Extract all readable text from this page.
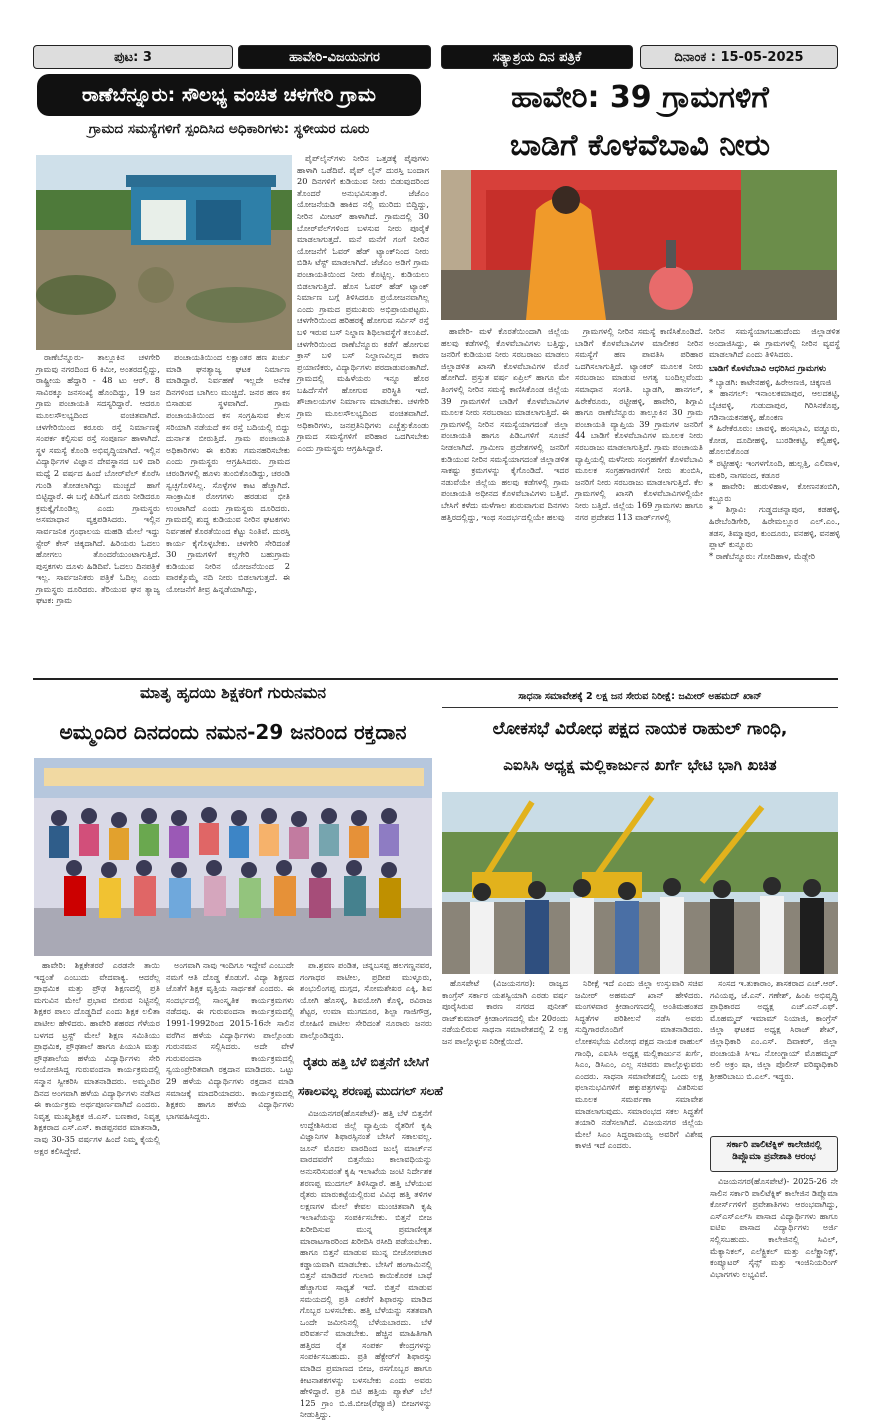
ಪುಟ: 3	ಹಾವೇರಿ-ವಿಜಯನಗರ	ಸತ್ಯಾಶ್ರಯ ದಿನ ಪತ್ರಿಕೆ	ದಿನಾಂಕ : 15-05-2025
ರಾಣೆಬೆನ್ನೂರು: ಸೌಲಭ್ಯ ವಂಚಿತ ಚಳಗೇರಿ ಗ್ರಾಮ
ಗ್ರಾಮದ ಸಮಸ್ಯೆಗಳಿಗೆ ಸ್ಪಂದಿಸಿದ ಅಧಿಕಾರಿಗಳು: ಸ್ಥಳೀಯರ ದೂರು

ರಾಣೆಬೆನ್ನೂರು- ತಾಲ್ಲೂಕಿನ ಚಳಗೇರಿ ಗ್ರಾಮವು ನಗರದಿಂದ 6 ಕಿಮೀ, ಅಂತರದಲ್ಲಿದ್ದು, ರಾಷ್ಟ್ರೀಯ ಹೆದ್ದಾರಿ - 48 ಟು ಆರ್. 8 ಸಾವಿರಕ್ಕೂ ಜನಸಂಖ್ಯೆ ಹೊಂದಿದ್ದು, 19 ಜನ ಗ್ರಾಮ ಪಂಚಾಯತಿ ಸದಸ್ಯರಿದ್ದಾರೆ. ಆದರೂ ಮೂಲಸೌಲಭ್ಯದಿಂದ ವಂಚಿತವಾಗಿದೆ. ಚಳಗೇರಿಯಿಂದ ಕರೂರು ರಸ್ತೆ ನಿರ್ಮಾಣಕ್ಕೆ ಸಂಪರ್ಕ ಕಲ್ಪಿಸುವ ರಸ್ತೆ ಸಂಪೂರ್ಣ ಹಾಳಾಗಿದೆ. ಸ್ಥಳ ಸಮಸ್ಯೆ ಕೊಂಡಿ ಅಭಿವೃದ್ಧಿಯಾಗಿದೆ. ಇಲ್ಲಿನ ವಿದ್ಯಾರ್ಥಿಗಳ ವಿಜ್ಞಾನ ದೇವಸ್ಥಾನದ ಬಳಿ ದಾರಿ ಮಧ್ಯೆ 2 ವರ್ಷದ ಹಿಂದೆ ಬೋರ್‌ವೆಲ್ ಕೊರೆಸಿ ಗುಂಡಿ ತೋಡಲಾಗಿದ್ದು ಮುಚ್ಚದೆ ಹಾಗೆ ಬಿಟ್ಟಿದ್ದಾರೆ. ಈ ಬಗ್ಗೆ ಪಿಡಿಓಗೆ ದೂರು ನೀಡಿದರೂ ಕ್ರಮಕ್ಕೈಗೊಂಡಿಲ್ಲ ಎಂದು ಗ್ರಾಮಸ್ಥರು ಅಸಮಾಧಾನ ವ್ಯಕ್ತಪಡಿಸಿದರು. ಇಲ್ಲಿನ ಸಾರ್ವಜನಿಕ ಗ್ರಂಥಾಲಯ ಮಹಡಿ ಮೇಲೆ ಇದ್ದು ಸ್ಟೇರ್ ಕೇಸ್ ಚಿಕ್ಕದಾಗಿದೆ. ಹಿರಿಯರು ಓದಲು ಹೋಗಲು ತೊಂದರೆಯುಂಟಾಗುತ್ತಿದೆ. ಪುಸ್ತಕಗಳು ದೂಳು ಹಿಡಿದಿವೆ. ಓದಲು ದಿನಪತ್ರಿಕೆ ಇಲ್ಲ. ಸಾರ್ವಜನಿಕರು ಪತ್ರಿಕೆ ಓದಿಲ್ಲ ಎಂದು ಗ್ರಾಮಸ್ಥರು ದೂರಿದರು. ತೆರಿಯುವ ಘನ ತ್ಯಾಜ್ಯ ಘಟಕ: ಗ್ರಾಮ

ಪಂಚಾಯತಿಯಿಂದ ಲಕ್ಷಾಂತರ ಹಣ ಖರ್ಚು ಮಾಡಿ ಘನತ್ಯಾಜ್ಯ ಘಟಕ ನಿರ್ಮಾಣ ಮಾಡಿದ್ದಾರೆ. ನಿರ್ವಹಣೆ ಇಲ್ಲದೇ ಅನೇಕ ದಿನಗಳಿಂದ ಬಾಗಿಲು ಮುಚ್ಚಿದೆ. ಜನರ ಹಣ ಕಸ ಬಿಸಾಡುವ ಸ್ಥಳವಾಗಿದೆ. ಗ್ರಾಮ ಪಂಚಾಯತಿಯಿಂದ ಕಸ ಸಂಗ್ರಹಿಸುವ ಕೆಲಸ ಸರಿಯಾಗಿ ನಡೆಯದೆ ಕಸ ರಸ್ತೆ ಬದಿಯಲ್ಲಿ ಬಿದ್ದು ದುರ್ನಾತ ಬೀರುತ್ತಿದೆ. ಗ್ರಾಮ ಪಂಚಾಯತಿ ಅಧಿಕಾರಿಗಳು ಈ ಕುರಿತು ಗಮನಹರಿಸಬೇಕು ಎಂದು ಗ್ರಾಮಸ್ಥರು ಆಗ್ರಹಿಸಿದರು. ಗ್ರಾಮದ ಚರಂಡಿಗಳಲ್ಲಿ ಹೂಳು ತುಂಬಿಕೊಂಡಿದ್ದು, ಚರಂಡಿ ಸ್ವಚ್ಛಗೊಳಿಸಿಲ್ಲ. ಸೊಳ್ಳೆಗಳ ಕಾಟ ಹೆಚ್ಚಾಗಿದೆ. ಸಾಂಕ್ರಾಮಿಕ ರೋಗಗಳು ಹರಡುವ ಭೀತಿ ಉಂಟಾಗಿದೆ ಎಂದು ಗ್ರಾಮಸ್ಥರು ದೂರಿದರು. ಗ್ರಾಮದಲ್ಲಿ ಶುದ್ಧ ಕುಡಿಯುವ ನೀರಿನ ಘಟಕಗಳು ನಿರ್ವಹಣೆ ಕೊರತೆಯಿಂದ ಕೆಟ್ಟು ನಿಂತಿವೆ. ದುರಸ್ತಿ ಕಾರ್ಯ ಕೈಗೊಳ್ಳಬೇಕು. ಚಳಗೇರಿ ಸೇರಿದಂತೆ 30 ಗ್ರಾಮಗಳಿಗೆ ಕಲ್ಲಗೇರಿ ಬಹುಗ್ರಾಮ ಕುಡಿಯುವ ನೀರಿನ ಯೋಜನೆಯಿಂದ 2 ವಾರಕ್ಕೊಮ್ಮೆ ನದಿ ನೀರು ಬಿಡಲಾಗುತ್ತದೆ. ಈ ಯೋಜನೆಗೆ ತೀವ್ರ ಹಿನ್ನಡೆಯಾಗಿದ್ದು,

ಪೈಪ್‌ಲೈನ್‌ಗಳು ನೀರಿನ ಒತ್ತಡಕ್ಕೆ ಪೈಪುಗಳು ಹಾಳಾಗಿ ಒಡೆದಿವೆ. ಪೈಪ್ ಲೈನ್ ದುರಸ್ತಿ ಬಂದಾಗ 20 ದಿನಗಳಿಗೆ ಕುಡಿಯುವ ನೀರು ಬಿಡುವುದರಿಂದ ತೊಂದರೆ ಅನುಭವಿಸುತ್ತಾರೆ. ಜೆಜೆಎಂ ಯೋಜನೆಯಡಿ ಹಾಕಿದ ನಲ್ಲಿ ಮುರಿದು ಬಿದ್ದಿದ್ದು, ನೀರಿನ ಮೀಟರ್ ಹಾಳಾಗಿದೆ. ಗ್ರಾಮದಲ್ಲಿ 30 ಬೋರ್‌ವೆಲ್‌ಗಳಿಂದ ಬಳಸುವ ನೀರು ಪೂರೈಕೆ ಮಾಡಲಾಗುತ್ತದೆ. ಮನೆ ಮನೆಗೆ ಗಂಗೆ ನೀರಿನ ಯೋಜನೆಗೆ ಓವರ್ ಹೆಡ್ ಟ್ಯಾಂಕ್‌ನಿಂದ ನೀರು ಬಿಡಿಸಿ ಟೆಸ್ಟ್ ಮಾಡಲಾಗಿದೆ. ಜೆಜೆಎಂ ಅಡಿಗೆ ಗ್ರಾಮ ಪಂಚಾಯತಿಯಿಂದ ನೀರು ಕೊಟ್ಟಿಲ್ಲ. ಕುಡಿಯಲು ಬಿಡಲಾಗುತ್ತಿದೆ. ಹೊಸ ಓವರ್ ಹೆಡ್ ಟ್ಯಾಂಕ್ ನಿರ್ಮಾಣ ಬಗ್ಗೆ ತಿಳಿಸಿದರೂ ಪ್ರಯೋಜನವಾಗಿಲ್ಲ ಎಂದು ಗ್ರಾಮದ ಪ್ರಮುಖರು ಅಭಿಪ್ರಾಯಪಟ್ಟರು. ಚಳಗೇರಿಯಿಂದ ಹರಿಹರಕ್ಕೆ ಹೋಗುವ ಸರ್ವಿಸ್ ರಸ್ತೆ ಬಳಿ ಇರುವ ಬಸ್ ನಿಲ್ದಾಣ ಶಿಥಿಲಾವಸ್ಥೆಗೆ ತಲುಪಿದೆ. ಚಳಗೇರಿಯಿಂದ ರಾಣೆಬೆನ್ನೂರು ಕಡೆಗೆ ಹೋಗುವ ಕ್ರಾಸ್ ಬಳಿ ಬಸ್ ನಿಲ್ದಾಣವಿಲ್ಲದ ಕಾರಣ ಪ್ರಯಾಣಿಕರು, ವಿದ್ಯಾರ್ಥಿಗಳು ಪರದಾಡುವಂತಾಗಿದೆ. ಗ್ರಾಮದಲ್ಲಿ ಮಹಿಳೆಯರು ಇನ್ನೂ ಹೊರ ಬಹಿರ್ದೆಸೆಗೆ ಹೋಗುವ ಪರಿಸ್ಥಿತಿ ಇದೆ. ಶೌಚಾಲಯಗಳ ನಿರ್ಮಾಣ ಮಾಡಬೇಕು. ಚಳಗೇರಿ ಗ್ರಾಮ ಮೂಲಸೌಲಭ್ಯದಿಂದ ವಂಚಿತವಾಗಿದೆ. ಅಧಿಕಾರಿಗಳು, ಜನಪ್ರತಿನಿಧಿಗಳು ಎಚ್ಚೆತ್ತುಕೊಂಡು ಗ್ರಾಮದ ಸಮಸ್ಯೆಗಳಿಗೆ ಪರಿಹಾರ ಒದಗಿಸಬೇಕು ಎಂದು ಗ್ರಾಮಸ್ಥರು ಆಗ್ರಹಿಸಿದ್ದಾರೆ.

ಹಾವೇರಿ: 39 ಗ್ರಾಮಗಳಿಗೆ
ಬಾಡಿಗೆ ಕೊಳವೆಬಾವಿ ನೀರು

ಹಾವೇರಿ- ಮಳೆ ಕೊರತೆಯಿಂದಾಗಿ ಜಿಲ್ಲೆಯ ಹಲವು ಕಡೆಗಳಲ್ಲಿ ಕೊಳವೆಬಾವಿಗಳು ಬತ್ತಿದ್ದು, ಜನರಿಗೆ ಕುಡಿಯುವ ನೀರು ಸರಬರಾಜು ಮಾಡಲು ಜಿಲ್ಲಾಡಳಿತ ಖಾಸಗಿ ಕೊಳವೆಬಾವಿಗಳ ಮೊರೆ ಹೋಗಿದೆ. ಪ್ರಸ್ತುತ ವರ್ಷ ಏಪ್ರಿಲ್ ಹಾಗೂ ಮೇ ತಿಂಗಳಲ್ಲಿ ನೀರಿನ ಸಮಸ್ಯೆ ಕಾಣಿಸಿಕೊಂಡ ಜಿಲ್ಲೆಯ 39 ಗ್ರಾಮಗಳಿಗೆ ಬಾಡಿಗೆ ಕೊಳವೆಬಾವಿಗಳ ಮೂಲಕ ನೀರು ಸರಬರಾಜು ಮಾಡಲಾಗುತ್ತಿದೆ. ಈ ಗ್ರಾಮಗಳಲ್ಲಿ ನೀರಿನ ಸಮಸ್ಯೆಯಾಗದಂತೆ ಜಿಲ್ಲಾ ಪಂಚಾಯತಿ ಹಾಗೂ ಪಿಡಿಒಗಳಿಗೆ ಸೂಚನೆ ನೀಡಲಾಗಿದೆ. ಗ್ರಾಮೀಣ ಪ್ರದೇಶಗಳಲ್ಲಿ ಜನರಿಗೆ ಕುಡಿಯುವ ನೀರಿನ ಸಮಸ್ಯೆಯಾಗದಂತೆ ಜಿಲ್ಲಾಡಳಿತ ಸಾಕಷ್ಟು ಕ್ರಮಗಳನ್ನು ಕೈಗೊಂಡಿದೆ. ಇದರ ನಡುವೆಯೇ ಜಿಲ್ಲೆಯ ಹಲವು ಕಡೆಗಳಲ್ಲಿ ಗ್ರಾಮ ಪಂಚಾಯತಿ ಅಧೀನದ ಕೊಳವೆಬಾವಿಗಳು ಬತ್ತಿವೆ. ಬೇಸಿಗೆ ಕಳೆದು ಮಳೆಗಾಲ ಶುರುವಾಗುವ ದಿನಗಳು ಹತ್ತಿರದಲ್ಲಿದ್ದು, ಇಂಥ ಸಂದರ್ಭದಲ್ಲಿಯೇ ಹಲವು

ಗ್ರಾಮಗಳಲ್ಲಿ ನೀರಿನ ಸಮಸ್ಯೆ ಕಾಣಿಸಿಕೊಂಡಿದೆ. ಬಾಡಿಗೆ ಕೊಳವೆಬಾವಿಗಳ ಮಾಲೀಕರ ನೀರಿನ ಸಮಸ್ಯೆಗೆ ಹಣ ಪಾವತಿಸಿ ಪರಿಹಾರ ಒದಗಿಸಲಾಗುತ್ತಿದೆ. ಟ್ಯಾಂಕರ್ ಮೂಲಕ ನೀರು ಸರಬರಾಜು ಮಾಡುವ ಅಗತ್ಯ ಬಂದಿಲ್ಲವೆಂದು ಸಮಾಧಾನ ಸಂಗತಿ. ಬ್ಯಾಡಗಿ, ಹಾನಗಲ್, ಹಿರೇಕೆರೂರು, ರಟ್ಟೀಹಳ್ಳಿ, ಹಾವೇರಿ, ಶಿಗ್ಗಾವಿ ಹಾಗೂ ರಾಣೆಬೆನ್ನೂರು ತಾಲ್ಲೂಕಿನ 30 ಗ್ರಾಮ ಪಂಚಾಯತಿ ವ್ಯಾಪ್ತಿಯ 39 ಗ್ರಾಮಗಳ ಜನರಿಗೆ 44 ಬಾಡಿಗೆ ಕೊಳವೆಬಾವಿಗಳ ಮೂಲಕ ನೀರು ಸರಬರಾಜು ಮಾಡಲಾಗುತ್ತಿದೆ. ಗ್ರಾಮ ಪಂಚಾಯತಿ ವ್ಯಾಪ್ತಿಯಲ್ಲಿ ಮಳೆನೀರು ಸಂಗ್ರಹಣೆಗೆ ಕೊಳವೆಬಾವಿ ಮೂಲಕ ಸಂಗ್ರಹಗಾರಗಳಿಗೆ ನೀರು ತುಂಬಿಸಿ, ಜನರಿಗೆ ನೀರು ಸರಬರಾಜು ಮಾಡಲಾಗುತ್ತಿದೆ. ಕೆಲ ಗ್ರಾಮಗಳಲ್ಲಿ ಖಾಸಗಿ ಕೊಳವೆಬಾವಿಗಳಲ್ಲಿಯೇ ನೀರು ಬತ್ತಿದೆ. ಜಿಲ್ಲೆಯ 169 ಗ್ರಾಮಗಳು ಹಾಗೂ ನಗರ ಪ್ರದೇಶದ 113 ವಾರ್ಡ್‌ಗಳಲ್ಲಿ

ನೀರಿನ ಸಮಸ್ಯೆಯಾಗಬಹುದೆಂದು ಜಿಲ್ಲಾಡಳಿತ ಅಂದಾಜಿಸಿದ್ದು, ಈ ಗ್ರಾಮಗಳಲ್ಲಿ ನೀರಿನ ವ್ಯವಸ್ಥೆ ಮಾಡಲಾಗಿದೆ ಎಂದು ತಿಳಿಸಿದರು.
ಬಾಡಿಗೆ ಕೊಳವೆಬಾವಿ ಆಧರಿಸಿದ ಗ್ರಾಮಗಳು
* ಬ್ಯಾಡಗಿ: ಕಾಟೇನಹಳ್ಳಿ, ಹಿರೇಅಣಜಿ, ಚಿಕ್ಕಣಜಿ
* ಹಾನಗಲ್: ಇನಾಂಲಕಮಾಪುರ, ಆಲದಕಟ್ಟಿ, ಬೈಚವಳ್ಳಿ, ಗುಡುದಾಪುರ, ಗಿರಿಸಿನಕೊಪ್ಪ, ಗಡಿನಾಯಕನಹಳ್ಳಿ, ಹೊಂಕಣ
* ಹಿರೇಕೆರೂರು: ಚಾವಳ್ಳಿ, ಹಂಸಭಾವಿ, ವಡ್ಡೂರು, ಕೋಡ, ದೂದೀಹಳ್ಳಿ, ಬುರಡೀಕಟ್ಟಿ, ಕಲ್ವಿಹಳ್ಳಿ, ಹೊಲಬಿಕೊಂಡ
* ರಟ್ಟೀಹಳ್ಳಿ: ಇಂಗಳಗೊಂದಿ, ಹುಲ್ಲತ್ತಿ, ಎಲಿವಾಳ, ಮಕರಿ, ನಾಗವಂದ, ಕಡೂರ
* ಹಾವೇರಿ: ಹುರುಳಿಹಾಳ, ಕೋಣನತಂಬಿಗಿ, ಕಬ್ಬೂರು
* ಶಿಗ್ಗಾವಿ: ಗುಡ್ಡದಚನ್ನಾಪುರ, ಕಡಹಳ್ಳಿ, ಹಿರೇಬೆಂಡಿಗೇರಿ, ಹಿರೇಮಲ್ಲೂರ ಎಲ್.ಎಂ., ತಡಸ, ತಿಮ್ಮಾಪುರ, ಕುಂದೂರು, ವನಹಳ್ಳಿ, ವನಹಳ್ಳಿ ಪ್ಲಾಟ್ ಕುನ್ನೂರು
* ರಾಣೆಬೆನ್ನೂರು: ಗೋದಿಹಾಳ, ಮೆಡ್ಲೇರಿ
ಮಾತೃ ಹೃದಯಿ ಶಿಕ್ಷಕರಿಗೆ ಗುರುನಮನ
ಅಮ್ಮಂದಿರ ದಿನದಂದು ನಮನ-29 ಜನರಿಂದ ರಕ್ತದಾನ

ಹಾವೇರಿ: ಶಿಕ್ಷಕೇತರರೆ ಎರಡನೇ ತಾಯಿ ಇದ್ದಂತೆ ಎಂಬುದು ವೇದವಾಕ್ಯ. ಆದರೆಲ್ಲ ಪ್ರಾಥಮಿಕ ಮತ್ತು ಪ್ರೌಢ ಶಿಕ್ಷಣದಲ್ಲಿ ಪ್ರತಿ ಮಗುವಿನ ಮೇಲೆ ಪ್ರಭಾವ ಬೀರುವ ನಿಟ್ಟಿನಲ್ಲಿ ಶಿಕ್ಷಕರ ಪಾಲು ದೊಡ್ಡದಿದೆ ಎಂದು ಶಿಕ್ಷಕ ಲಲಿತಾ ಪಾಟೀಲ ಹೇಳಿದರು. ಹಾವೇರಿ ಶಹರದ ಗೆಳೆಯರ ಬಳಗದ ಟ್ರಸ್ಟ್ ಮೇಲೆ ಶಿಕ್ಷಣ ಸಮಿತಿಯು ಪ್ರಾಥಮಿಕ, ಪ್ರೌಢಶಾಲೆ ಹಾಗೂ ಪಿಯುಸಿ ಮತ್ತು ಪ್ರೌಢಶಾಲೆಯ ಹಳೆಯ ವಿದ್ಯಾರ್ಥಿಗಳು ಸೇರಿ ಆಯೋಜಿಸಿದ್ದ ಗುರುವಂದನಾ ಕಾರ್ಯಕ್ರಮದಲ್ಲಿ ಸನ್ಮಾನ ಸ್ವೀಕರಿಸಿ ಮಾತನಾಡಿದರು. ಅಮ್ಮಂದಿರ ದಿನದ ಅಂಗವಾಗಿ ಹಳೆಯ ವಿದ್ಯಾರ್ಥಿಗಳು ನಡೆಸಿದ ಈ ಕಾರ್ಯಕ್ರಮ ಅರ್ಥಪೂರ್ಣವಾಗಿದೆ ಎಂದರು. ನಿವೃತ್ತ ಮುಖ್ಯಶಿಕ್ಷಕ ಜಿ.ಎಸ್. ಬಣಕಾರ, ನಿವೃತ್ತ ಶಿಕ್ಷಕರಾದ ಎಸ್.ಎಸ್. ಕಾಡಪ್ಪನವರ ಮಾತನಾಡಿ, ನಾವು 30-35 ವರ್ಷಗಳ ಹಿಂದೆ ನಿಮ್ಮ ಕೈಯಲ್ಲಿ ಅಕ್ಷರ ಕಲಿಸಿದ್ದೇವೆ.

ಅಂಗವಾಗಿ ನಾವು ಇಂದಿಗೂ ಇದ್ದೇವೆ ಎಂಬುದೇ ನಮಗೆ ಆತಿ ದೊಡ್ಡ ಕೊಡುಗೆ. ವಿದ್ಯಾ ಶಿಕ್ಷಣದ ಜೊತೆಗೆ ಶಿಕ್ಷಕ ವೃತ್ತಿಯ ಸಾರ್ಥಕತೆ ಎಂದರು. ಈ ಸಂದರ್ಭದಲ್ಲಿ ಸಾಂಸ್ಕೃತಿಕ ಕಾರ್ಯಕ್ರಮಗಳು ನಡೆದವು. ಈ ಗುರುವಂದನಾ ಕಾರ್ಯಕ್ರಮದಲ್ಲಿ 1991-1992ರಿಂದ 2015-16ನೇ ಸಾಲಿನ ವರೆಗಿನ ಹಳೆಯ ವಿದ್ಯಾರ್ಥಿಗಳು ಪಾಲ್ಗೊಂಡು ಗುರುನಮನ ಸಲ್ಲಿಸಿದರು. ಅದೇ ವೇಳೆ ಗುರುವಂದನಾ ಕಾರ್ಯಕ್ರಮದಲ್ಲಿ ಸ್ವಯಂಪ್ರೇರಿತವಾಗಿ ರಕ್ತದಾನ ಮಾಡಿದರು. ಒಟ್ಟು 29 ಹಳೆಯ ವಿದ್ಯಾರ್ಥಿಗಳು ರಕ್ತದಾನ ಮಾಡಿ ಸಮಾಜಕ್ಕೆ ಮಾದರಿಯಾದರು. ಕಾರ್ಯಕ್ರಮದಲ್ಲಿ ಶಿಕ್ಷಕರು ಹಾಗೂ ಹಳೆಯ ವಿದ್ಯಾರ್ಥಿಗಳು ಭಾಗವಹಿಸಿದ್ದರು.

ಪಾ.ಶ್ರವಣ ಪಂಡಿತ, ಚನ್ನಬಸಪ್ಪ ಹಲಗಣ್ಣನವರ, ಗಂಗಾಧರ ಪಾಟೀಲ, ಪ್ರದೀಪ ಮುಳ್ಳೂರು, ಶಂಭುಲಿಂಗಪ್ಪ ದುಗ್ಗದ, ಸೋಮಶೇಖರ ಎಕ್ಕಿ, ಶಿವ ಯೋಗಿ ಹೊಸಳ್ಳಿ, ಶಿವಯೋಗಿ ಕೊಳ್ಳಿ, ರವಿರಾಜ ಶೆಟ್ಟರ, ಉಮಾ ಮುಗದೂರ, ಶಿಲ್ಪಾ ಗಾಜಿಗೌಡ್ರ, ರೋಹಿಣಿ ಪಾಟೀಲ ಸೇರಿದಂತೆ ನೂರಾರು ಜನರು ಪಾಲ್ಗೊಂಡಿದ್ದರು.

ರೈತರು ಹತ್ತಿ ಬೆಳೆ ಬಿತ್ತನೆಗೆ ಬೇಸಿಗೆ
ಸಕಾಲವಲ್ಲ ಶರಣಪ್ಪ ಮುದಗಲ್ ಸಲಹೆ

ವಿಜಯನಗರ(ಹೊಸಪೇಟೆ)- ಹತ್ತಿ ಬೆಳೆ ಬಿತ್ತನೆಗೆ ಉದ್ದೇಶಿಸಿರುವ ಜಿಲ್ಲೆ ವ್ಯಾಪ್ತಿಯ ರೈತರಿಗೆ ಕೃಷಿ ವಿಜ್ಞಾನಿಗಳ ಶಿಫಾರಸ್ಸಿನಂತೆ ಬೇಸಿಗೆ ಸಕಾಲವಲ್ಲ. ಜೂನ್ ಮೊದಲ ವಾರದಿಂದ ಜುಲೈ ಮಾರ್ಚ್‌ನ ವಾರದವರೆಗೆ ಬಿತ್ತನೆಯು ಕಾಲಾವಧಿಯನ್ನು ಅನುಸರಿಸುವಂತೆ ಕೃಷಿ ಇಲಾಖೆಯ ಜಂಟಿ ನಿರ್ದೇಶಕ ಶರಣಪ್ಪ ಮುದಗಲ್ ತಿಳಿಸಿದ್ದಾರೆ. ಹತ್ತಿ ಬೆಳೆಯುವ ರೈತರು ಮಾರುಕಟ್ಟೆಯಲ್ಲಿರುವ ವಿವಿಧ ಹತ್ತಿ ತಳಿಗಳ ಲಕ್ಷಣಗಳ ಮೇಲೆ ಕೇವಲ ಮುಂಚಿತವಾಗಿ ಕೃಷಿ ಇಲಾಖೆಯನ್ನು ಸಂಪರ್ಕಿಸಬೇಕು. ಬಿತ್ತನೆ ಬೀಜ ಖರೀದಿಸುವ ಮುನ್ನ ಪ್ರಮಾಣೀಕೃತ ಮಾರಾಟಗಾರರಿಂದ ಖರೀದಿಸಿ ರಸೀದಿ ಪಡೆಯಬೇಕು. ಹಾಗೂ ಬಿತ್ತನೆ ಮಾಡುವ ಮುನ್ನ ಬೀಜೋಪಚಾರ ಕಡ್ಡಾಯವಾಗಿ ಮಾಡಬೇಕು. ಬೇಸಿಗೆ ಹಂಗಾಮಿನಲ್ಲಿ ಬಿತ್ತನೆ ಮಾಡಿದರೆ ಗುಲಾಬಿ ಕಾಯಿಕೊರಕ ಬಾಧೆ ಹೆಚ್ಚಾಗುವ ಸಾಧ್ಯತೆ ಇದೆ. ಬಿತ್ತನೆ ಮಾಡುವ ಸಮಯದಲ್ಲಿ ಪ್ರತಿ ಎಕರೆಗೆ ಶಿಫಾರಸ್ಸು ಮಾಡಿದ ಗೊಬ್ಬರ ಬಳಸಬೇಕು. ಹತ್ತಿ ಬೆಳೆಯನ್ನು ಸತತವಾಗಿ ಒಂದೇ ಜಮೀನಿನಲ್ಲಿ ಬೆಳೆಯಬಾರದು. ಬೆಳೆ ಪರಿವರ್ತನೆ ಮಾಡಬೇಕು. ಹೆಚ್ಚಿನ ಮಾಹಿತಿಗಾಗಿ ಹತ್ತಿರದ ರೈತ ಸಂಪರ್ಕ ಕೇಂದ್ರಗಳನ್ನು ಸಂಪರ್ಕಿಸಬಹುದು. ಪ್ರತಿ ಹೆಕ್ಟೇರ್‌ಗೆ ಶಿಫಾರಸ್ಸು ಮಾಡಿದ ಪ್ರಮಾಣದ ಬೀಜ, ರಸಗೊಬ್ಬರ ಹಾಗೂ ಕೀಟನಾಶಕಗಳನ್ನು ಬಳಸಬೇಕು ಎಂದು ಅವರು ಹೇಳಿದ್ದಾರೆ. ಪ್ರತಿ ಬಿಟಿ ಹತ್ತಿಯ ಪ್ಯಾಕೆಟ್ ಬೆಲೆ 125 ಗ್ರಾಂ ಬಿ.ಜಿ.ಬೀಜ(ರೆಫ್ಯೂಜಿ) ಬೀಜಗಳನ್ನು ನೀಡುತ್ತಿದ್ದು.

ಸಾಧನಾ ಸಮಾವೇಶಕ್ಕೆ 2 ಲಕ್ಷ ಜನ ಸೇರುವ ನಿರೀಕ್ಷೆ: ಜಮೀರ್ ಅಹಮದ್ ಖಾನ್
ಲೋಕಸಭೆ ವಿರೋಧ ಪಕ್ಷದ ನಾಯಕ ರಾಹುಲ್ ಗಾಂಧಿ,
ಎಐಸಿಸಿ ಅಧ್ಯಕ್ಷ ಮಲ್ಲಿಕಾರ್ಜುನ ಖರ್ಗೆ ಭೇಟಿ ಭಾಗಿ ಖಚಿತ

ಹೊಸಪೇಟೆ (ವಿಜಯನಗರ): ರಾಜ್ಯದ ಕಾಂಗ್ರೆಸ್ ಸರ್ಕಾರ ಯಶಸ್ವಿಯಾಗಿ ಎರಡು ವರ್ಷ ಪೂರೈಸಿರುವ ಕಾರಣ ನಗರದ ಪುನೀತ್ ರಾಜ್‌ಕುಮಾರ್ ಕ್ರೀಡಾಂಗಣದಲ್ಲಿ ಮೇ 20ರಂದು ನಡೆಯಲಿರುವ ಸಾಧನಾ ಸಮಾವೇಶದಲ್ಲಿ 2 ಲಕ್ಷ ಜನ ಪಾಲ್ಗೊಳ್ಳುವ ನಿರೀಕ್ಷೆಯಿದೆ.

ನಿರೀಕ್ಷೆ ಇದೆ ಎಂದು ಜಿಲ್ಲಾ ಉಸ್ತುವಾರಿ ಸಚಿವ ಜಮೀರ್ ಅಹಮದ್ ಖಾನ್ ಹೇಳಿದರು. ಮಂಗಳವಾರ ಕ್ರೀಡಾಂಗಣದಲ್ಲಿ ಅಂತಿಮಹಂತದ ಸಿದ್ಧತೆಗಳ ಪರಿಶೀಲನೆ ನಡೆಸಿ ಅವರು ಸುದ್ದಿಗಾರರೊಂದಿಗೆ ಮಾತನಾಡಿದರು. ಲೋಕಸಭೆಯ ವಿರೋಧ ಪಕ್ಷದ ನಾಯಕ ರಾಹುಲ್ ಗಾಂಧಿ, ಎಐಸಿಸಿ ಅಧ್ಯಕ್ಷ ಮಲ್ಲಿಕಾರ್ಜುನ ಖರ್ಗೆ, ಸಿಎಂ, ಡಿಸಿಎಂ, ಎಲ್ಲ ಸಚಿವರು ಪಾಲ್ಗೊಳ್ಳುವರು ಎಂದರು. ಸಾಧನಾ ಸಮಾವೇಶದಲ್ಲಿ ಒಂದು ಲಕ್ಷ ಫಲಾನುಭವಿಗಳಿಗೆ ಹಕ್ಕುಪತ್ರಗಳನ್ನು ವಿತರಿಸುವ ಮೂಲಕ ಸಮರ್ಪಣಾ ಸಮಾವೇಶ ಮಾಡಲಾಗುವುದು. ಸಮಾರಂಭದ ಸಕಲ ಸಿದ್ಧತೆಗೆ ತಯಾರಿ ನಡೆಸಲಾಗಿದೆ. ವಿಜಯನಗರ ಜಿಲ್ಲೆಯ ಮೇಲೆ ಸಿಎಂ ಸಿದ್ದರಾಮಯ್ಯ ಅವರಿಗೆ ವಿಶೇಷ ಕಾಳಜಿ ಇದೆ ಎಂದರು.

ಸಂಸದ ಇ.ತುಕಾರಾಂ, ಶಾಸಕರಾದ ಎಚ್.ಆರ್. ಗವಿಯಪ್ಪ, ಜೆ.ಎನ್. ಗಣೇಶ್, ಹಿಂಪಿ ಅಭಿವೃದ್ಧಿ ಪ್ರಾಧಿಕಾರದ ಅಧ್ಯಕ್ಷ ಎಚ್.ಎನ್.ಎಫ್. ಮೊಹಮ್ಮದ್ ಇಮಾಮ್ ನಿಯಾಜಿ, ಕಾಂಗ್ರೆಸ್ ಜಿಲ್ಲಾ ಘಟಕದ ಅಧ್ಯಕ್ಷ ಸಿರಾಜ್ ಶೇಖ್, ಜಿಲ್ಲಾಧಿಕಾರಿ ಎಂ.ಎಸ್. ದಿವಾಕರ್, ಜಿಲ್ಲಾ ಪಂಚಾಯತಿ ಸಿಇಒ ನೋಂಗ್ಜಾಯ್ ಮೊಹಮ್ಮದ್ ಅಲಿ ಅಕ್ರಂ ಷಾ, ಜಿಲ್ಲಾ ಪೊಲೀಸ್ ವರಿಷ್ಠಾಧಿಕಾರಿ ಶ್ರೀಹರಿಬಾಬು ಬಿ.ಎಲ್. ಇದ್ದರು.

ಸರ್ಕಾರಿ ಪಾಲಿಟೆಕ್ನಿಕ್ ಕಾಲೇಜಿನಲ್ಲಿ ಡಿಪ್ಲೊಮಾ ಪ್ರವೇಶಾತಿ ಆರಂಭ

ವಿಜಯನಗರ(ಹೊಸಪೇಟೆ)- 2025-26 ನೇ ಸಾಲಿನ ಸರ್ಕಾರಿ ಪಾಲಿಟೆಕ್ನಿಕ್ ಕಾಲೇಜಿನ ಡಿಪ್ಲೊಮಾ ಕೋರ್ಸ್‌ಗಳಿಗೆ ಪ್ರವೇಶಾತಿಗಳು ಆರಂಭವಾಗಿದ್ದು, ಎಸ್‌ಎಸ್‌ಎಲ್‌ಸಿ ಪಾಸಾದ ವಿದ್ಯಾರ್ಥಿಗಳು ಹಾಗೂ ಐಟಿಐ ಪಾಸಾದ ವಿದ್ಯಾರ್ಥಿಗಳು ಅರ್ಜಿ ಸಲ್ಲಿಸಬಹುದು. ಕಾಲೇಜಿನಲ್ಲಿ ಸಿವಿಲ್, ಮೆಕ್ಯಾನಿಕಲ್, ಎಲೆಕ್ಟ್ರಿಕಲ್ ಮತ್ತು ಎಲೆಕ್ಟ್ರಾನಿಕ್ಸ್, ಕಂಪ್ಯೂಟರ್ ಸೈನ್ಸ್ ಮತ್ತು ಇಂಜಿನಿಯರಿಂಗ್ ವಿಭಾಗಗಳು ಲಭ್ಯವಿವೆ.
